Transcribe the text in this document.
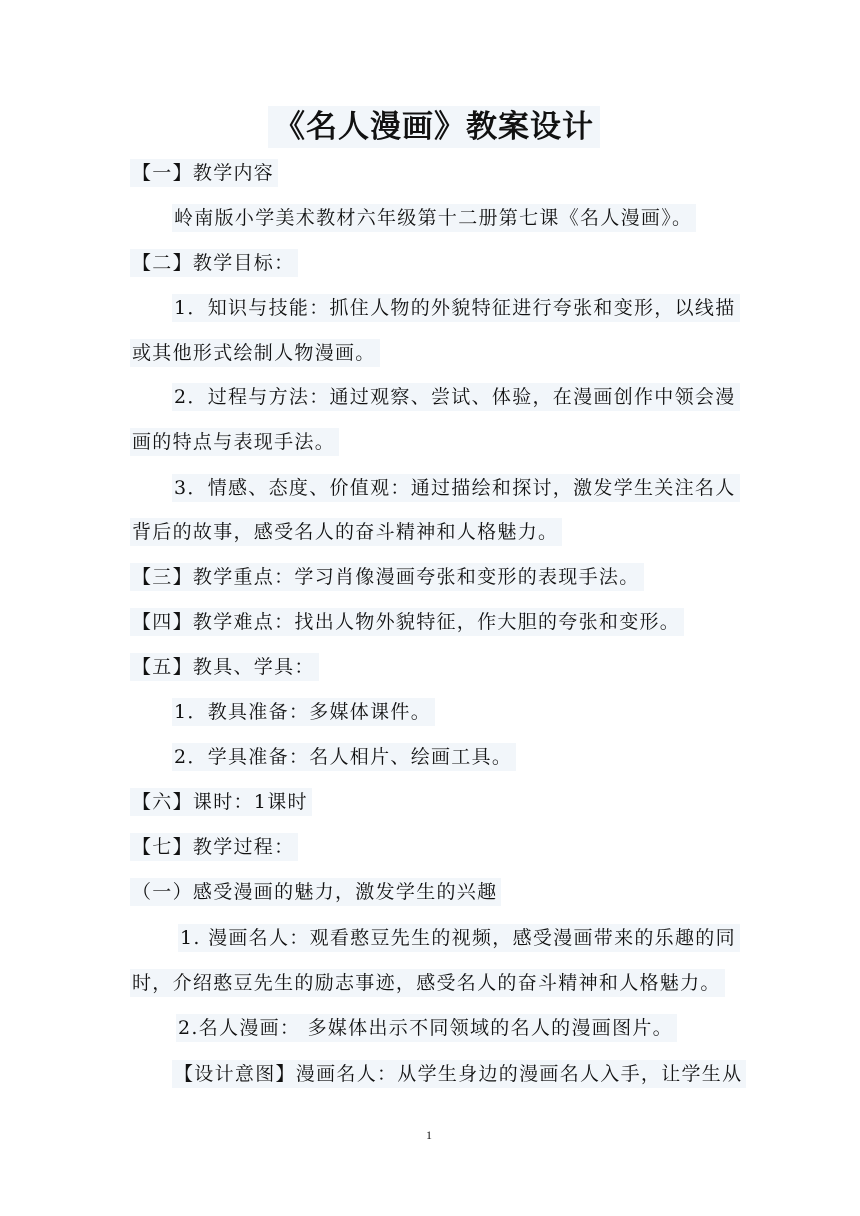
《名人漫画》教案设计
【一】教学内容
岭南版小学美术教材六年级第十二册第七课《名人漫画》。
【二】教学目标：
1．知识与技能：抓住人物的外貌特征进行夸张和变形，以线描
或其他形式绘制人物漫画。
2．过程与方法：通过观察、尝试、体验，在漫画创作中领会漫
画的特点与表现手法。
3．情感、态度、价值观：通过描绘和探讨，激发学生关注名人
背后的故事，感受名人的奋斗精神和人格魅力。
【三】教学重点：学习肖像漫画夸张和变形的表现手法。
【四】教学难点：找出人物外貌特征，作大胆的夸张和变形。
【五】教具、学具：
1．教具准备：多媒体课件。
2．学具准备：名人相片、绘画工具。
【六】课时：1课时
【七】教学过程：
（一）感受漫画的魅力，激发学生的兴趣
1. 漫画名人：观看憨豆先生的视频，感受漫画带来的乐趣的同
时，介绍憨豆先生的励志事迹，感受名人的奋斗精神和人格魅力。
2.名人漫画： 多媒体出示不同领域的名人的漫画图片。
【设计意图】漫画名人：从学生身边的漫画名人入手，让学生从
1
